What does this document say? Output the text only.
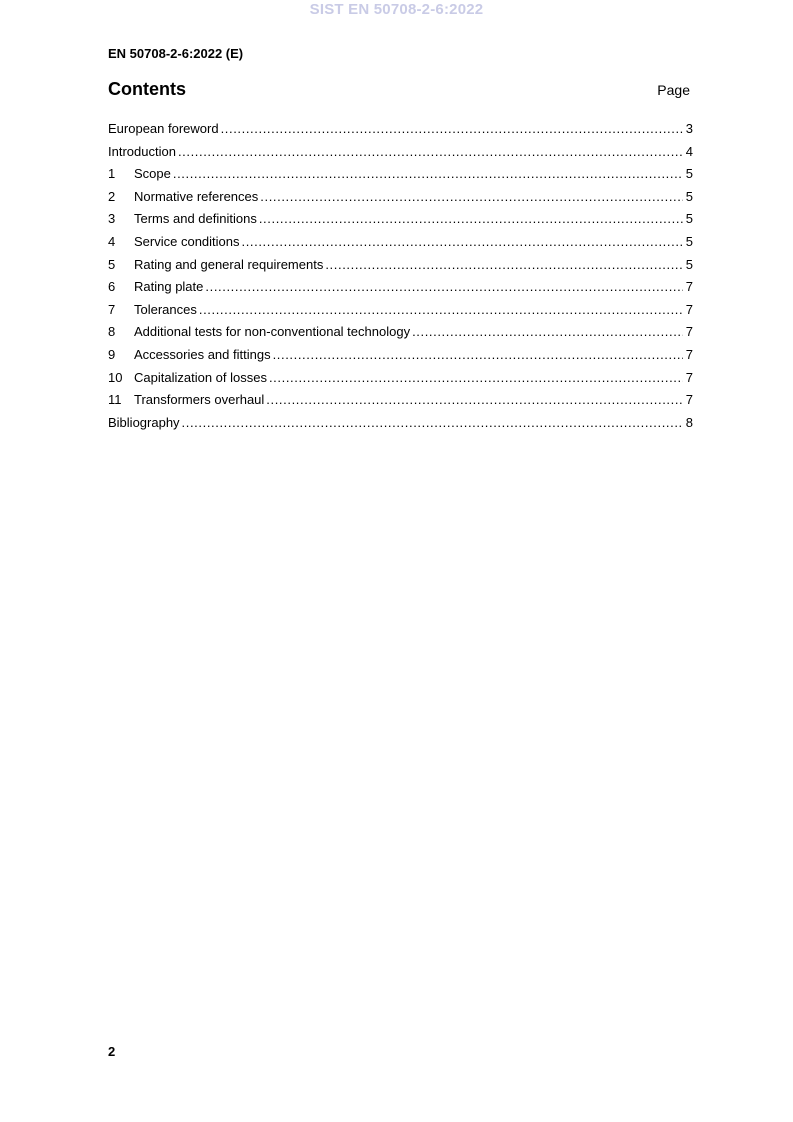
SIST EN 50708-2-6:2022
EN 50708-2-6:2022 (E)
Contents	Page
European foreword .....	3
Introduction .....	4
1	Scope .....	5
2	Normative references .....	5
3	Terms and definitions .....	5
4	Service conditions .....	5
5	Rating and general requirements .....	5
6	Rating plate .....	7
7	Tolerances .....	7
8	Additional tests for non-conventional technology .....	7
9	Accessories and fittings .....	7
10 Capitalization of losses .....	7
11 Transformers overhaul .....	7
Bibliography .....	8
2
